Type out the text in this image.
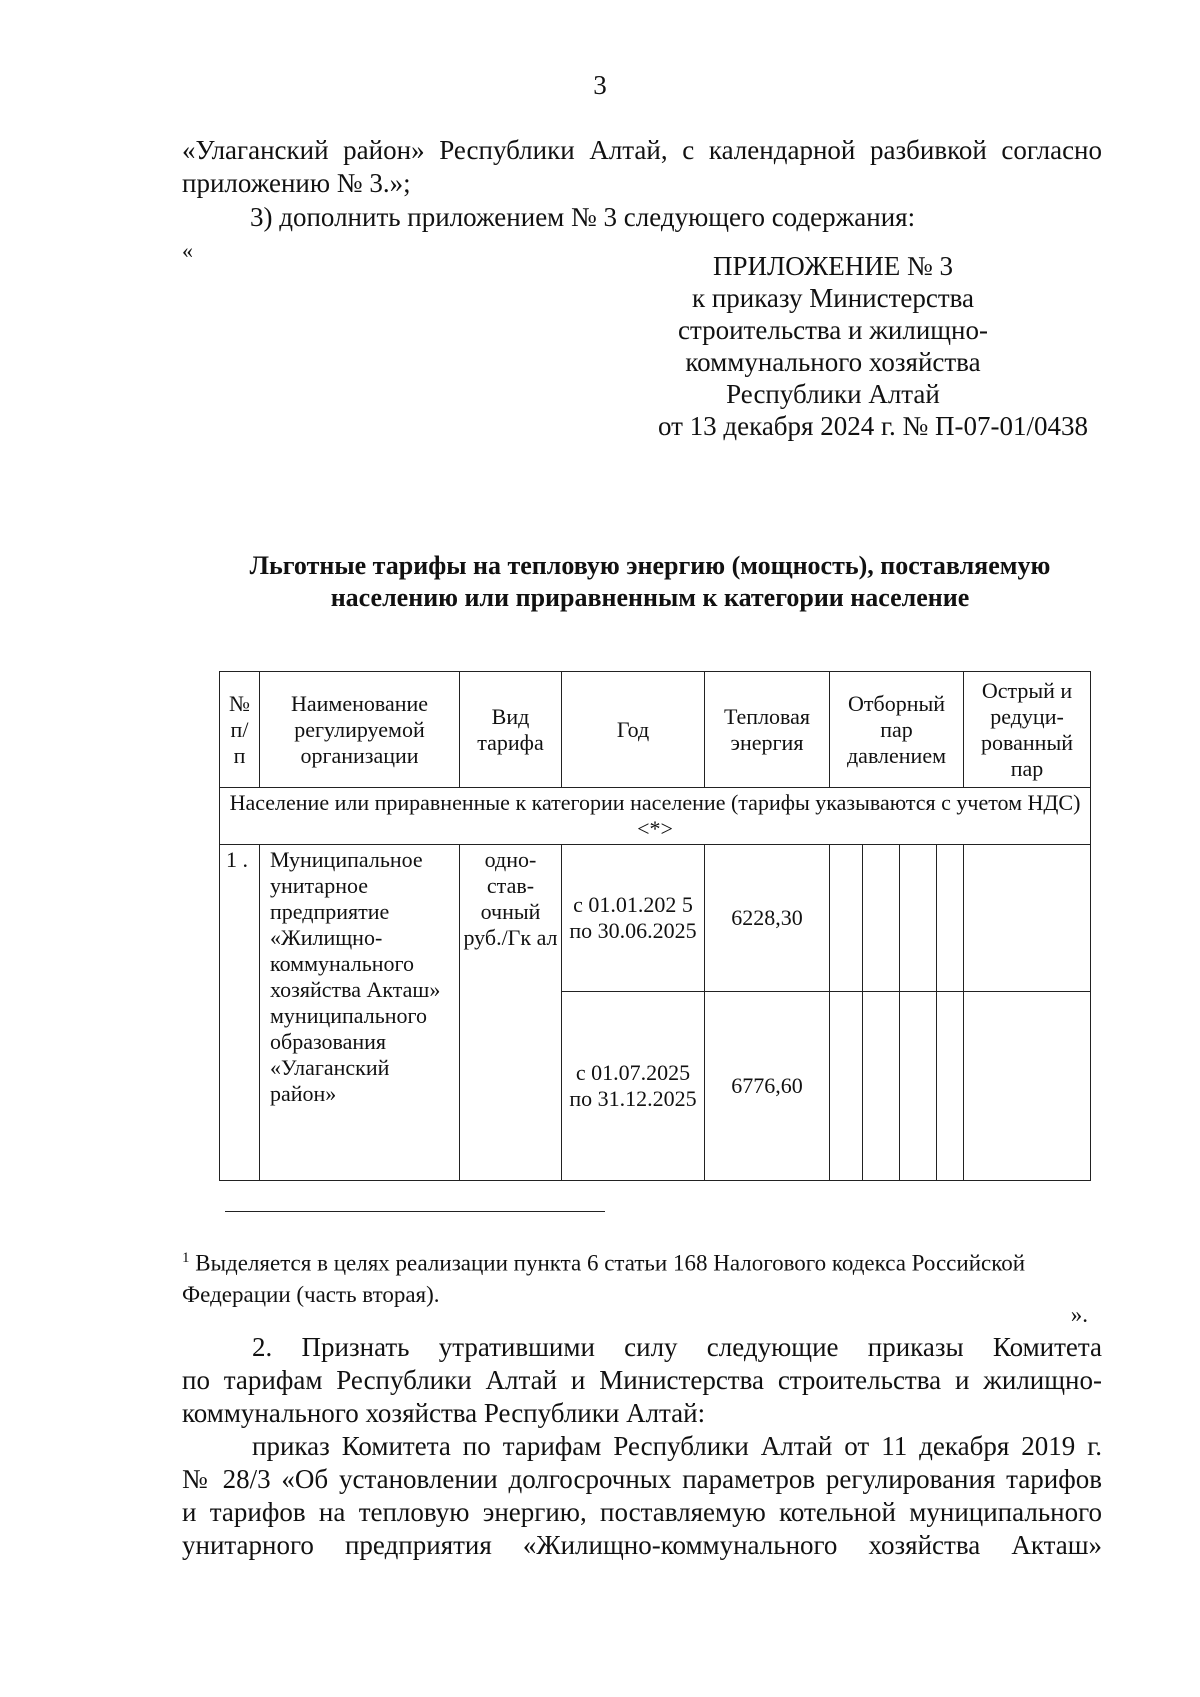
3
«Улаганский район» Республики Алтай, с календарной разбивкой согласно
приложению № 3.»;
3) дополнить приложением № 3 следующего содержания:
«
ПРИЛОЖЕНИЕ № 3
к приказу Министерства
строительства и жилищно-
коммунального хозяйства
Республики Алтай
от 13 декабря 2024 г. № П-07-01/0438
Льготные тарифы на тепловую энергию (мощность), поставляемую
населению или приравненным к категории население
№ п/ п	Наименование регулируемой организации	Вид тарифа	Год	Тепловая энергия	Отборный пар давлением				Острый и редуци-рованный пар
Население или приравненные к категории население (тарифы указываются с учетом НДС) <*>									
1 .	Муниципальное унитарное предприятие «Жилищно-коммунального хозяйства Акташ» муниципального образования «Улаганский район»	одно-став-очный руб./Гк ал	с 01.01.202 5 по 30.06.2025	6228,30					
			с 01.07.2025 по 31.12.2025	6776,60					
$^1$ Выделяется в целях реализации пункта 6 статьи 168 Налогового кодекса Российской Федерации (часть вторая).
».
2. Признать утратившими силу следующие приказы Комитета
по тарифам Республики Алтай и Министерства строительства и жилищно-
коммунального хозяйства Республики Алтай:
приказ Комитета по тарифам Республики Алтай от 11 декабря 2019 г.
№ 28/3 «Об установлении долгосрочных параметров регулирования тарифов
и тарифов на тепловую энергию, поставляемую котельной муниципального
унитарного предприятия «Жилищно-коммунального хозяйства Акташ»
